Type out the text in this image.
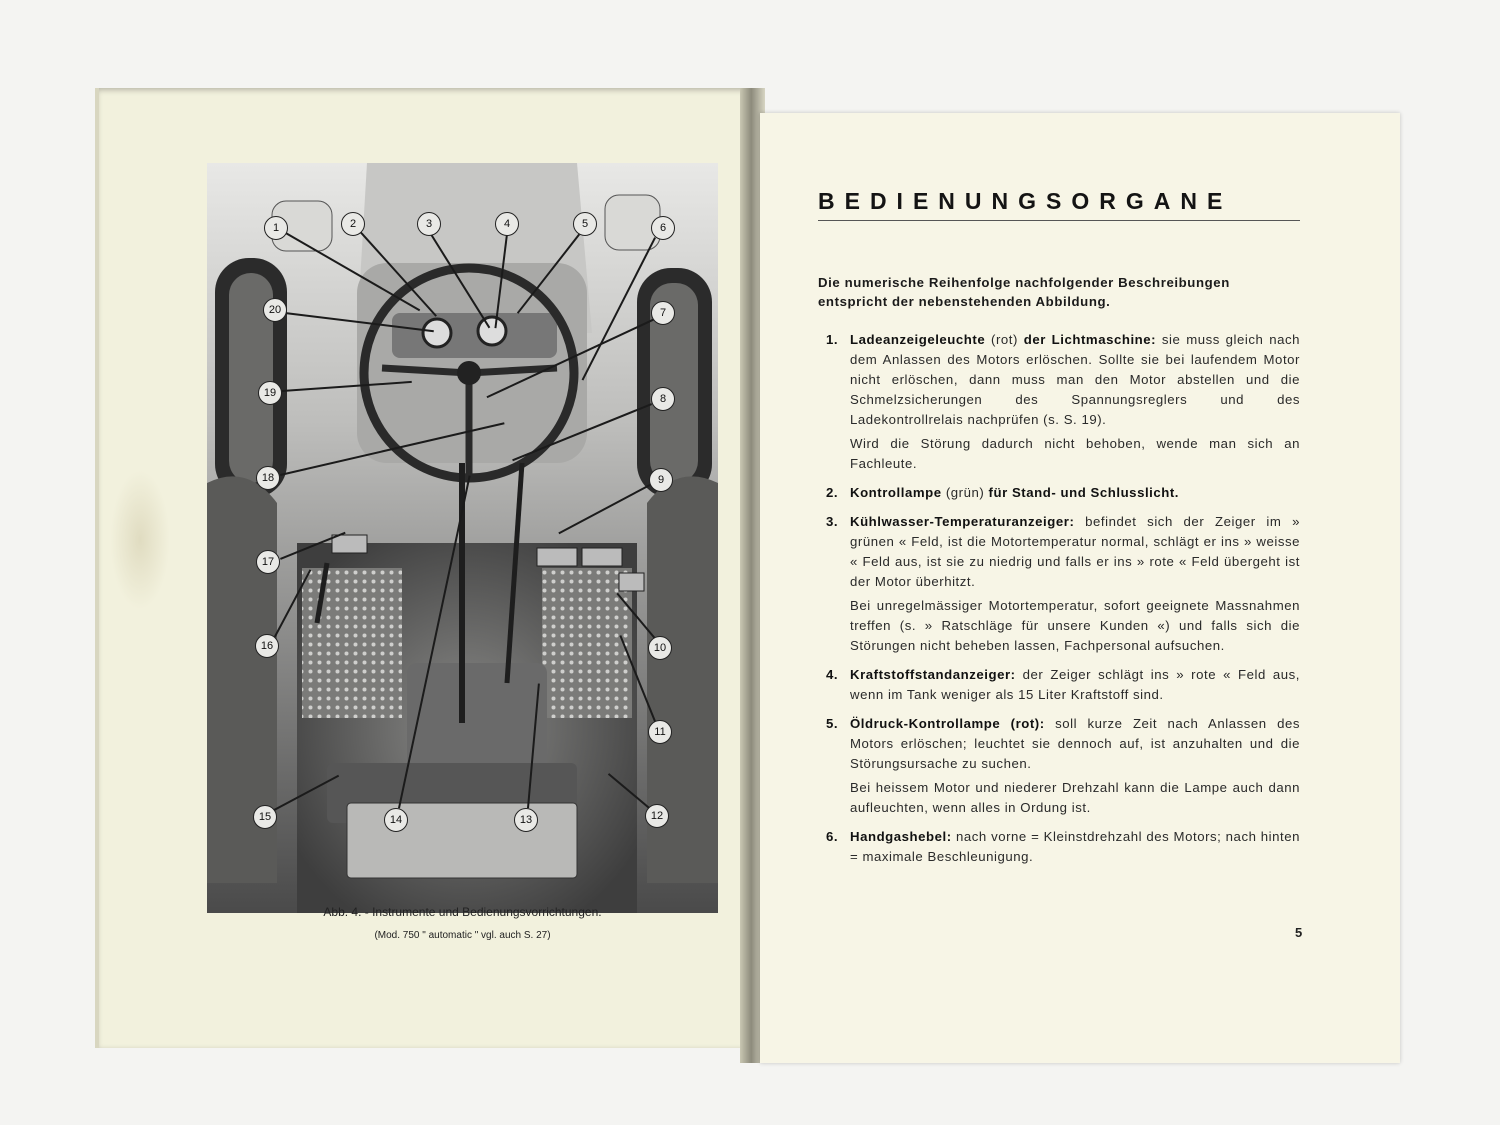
1	2	3	4	5	6
7
8
9
10
11
12
13
14
15
16
17
18
19
20
Abb. 4. - Instrumente und Bedienungsvorrichtungen.
(Mod. 750 " automatic " vgl. auch S. 27)
BEDIENUNGSORGANE
Die numerische Reihenfolge nachfolgender Beschreibungen entspricht der nebenstehenden Abbildung.
1. Ladeanzeigeleuchte (rot) der Lichtmaschine: sie muss gleich nach dem Anlassen des Motors erlöschen. Sollte sie bei laufendem Motor nicht erlöschen, dann muss man den Motor abstellen und die Schmelzsicherungen des Spannungsreglers und des Ladekontrollrelais nachprüfen (s. S. 19).

Wird die Störung dadurch nicht behoben, wende man sich an Fachleute.

2. Kontrollampe (grün) für Stand- und Schlusslicht.

3. Kühlwasser-Temperaturanzeiger: befindet sich der Zeiger im » grünen « Feld, ist die Motortemperatur normal, schlägt er ins » weisse « Feld aus, ist sie zu niedrig und falls er ins » rote « Feld übergeht ist der Motor überhitzt.

Bei unregelmässiger Motortemperatur, sofort geeignete Massnahmen treffen (s. » Ratschläge für unsere Kunden «) und falls sich die Störungen nicht beheben lassen, Fachpersonal aufsuchen.

4. Kraftstoffstandanzeiger: der Zeiger schlägt ins » rote « Feld aus, wenn im Tank weniger als 15 Liter Kraftstoff sind.

5. Öldruck-Kontrollampe (rot): soll kurze Zeit nach Anlassen des Motors erlöschen; leuchtet sie dennoch auf, ist anzuhalten und die Störungsursache zu suchen.

Bei heissem Motor und niederer Drehzahl kann die Lampe auch dann aufleuchten, wenn alles in Ordung ist.

6. Handgashebel: nach vorne = Kleinstdrehzahl des Motors; nach hinten = maximale Beschleunigung.

5
